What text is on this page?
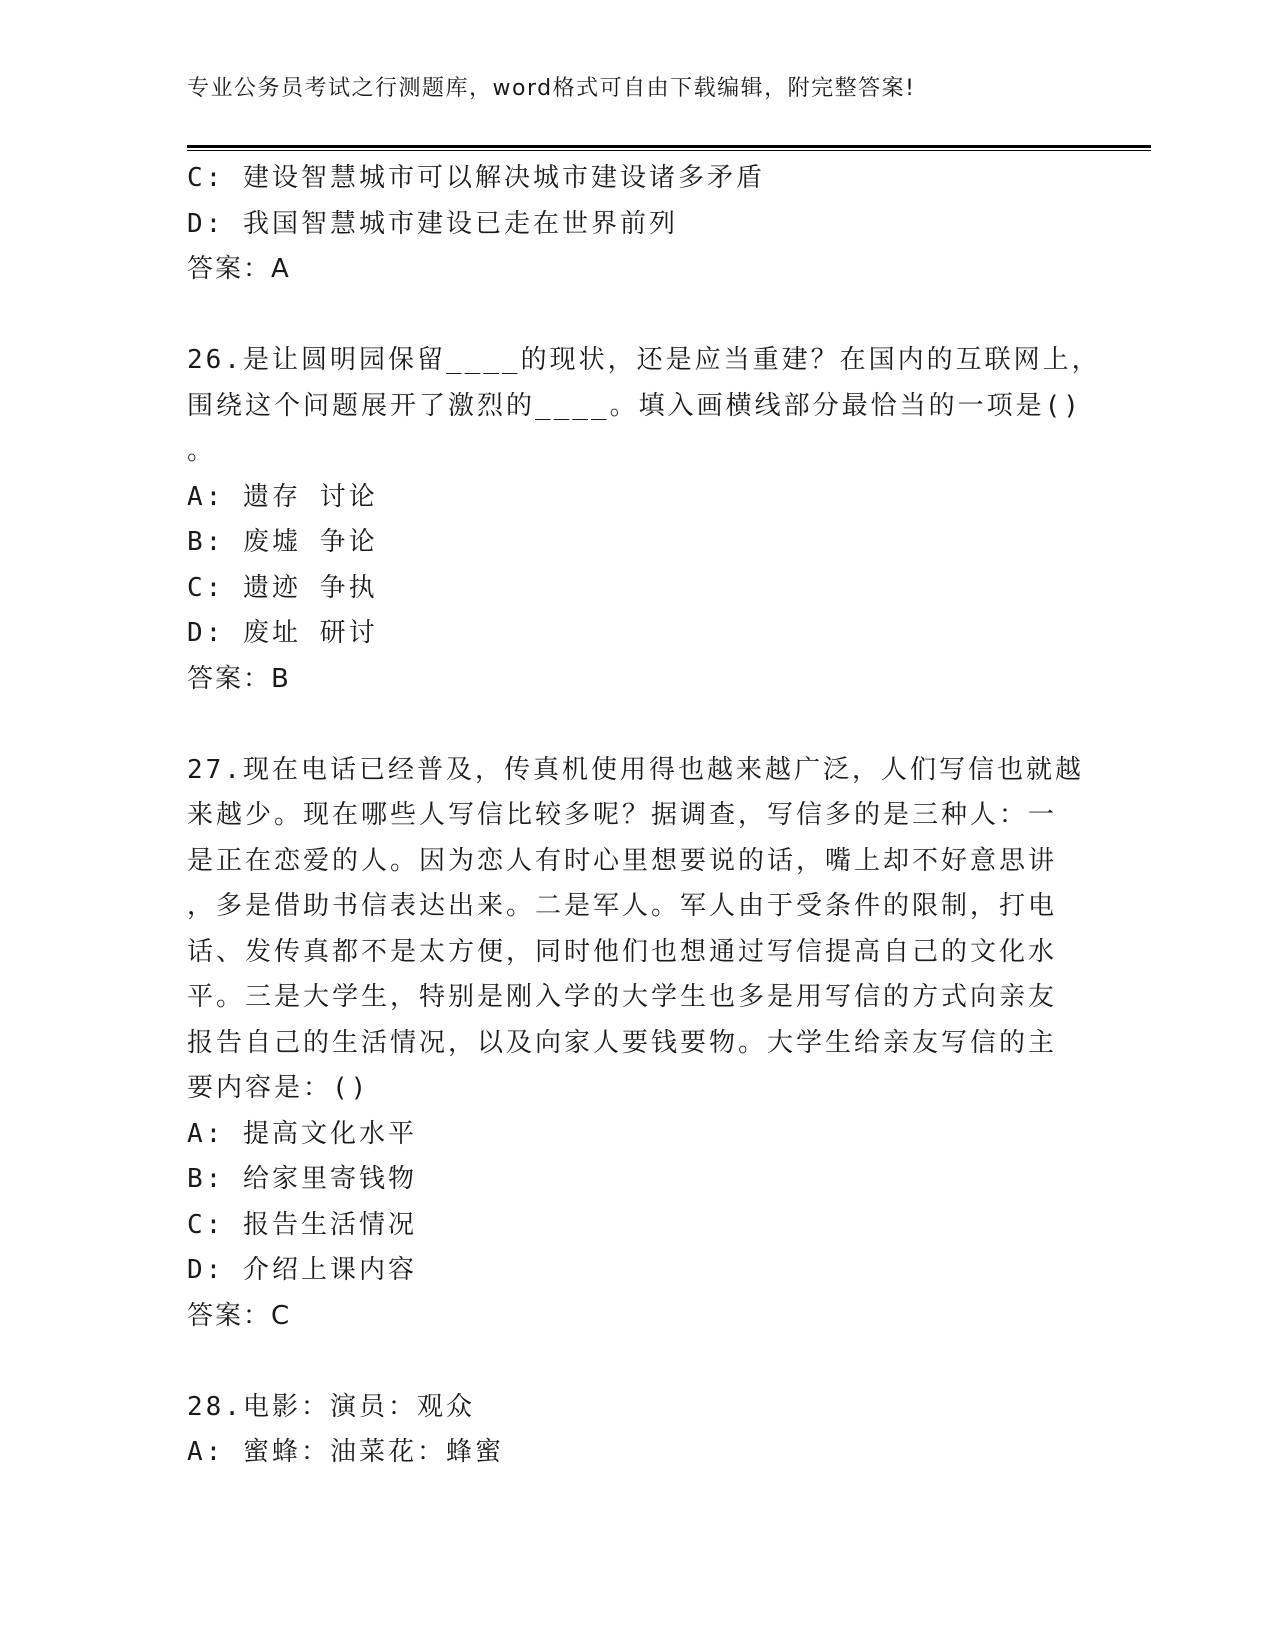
专业公务员考试之行测题库，word格式可自由下载编辑，附完整答案!
C: 建设智慧城市可以解决城市建设诸多矛盾
D: 我国智慧城市建设已走在世界前列
答案：A
26.是让圆明园保留____的现状，还是应当重建？在国内的互联网上，
围绕这个问题展开了激烈的____。填入画横线部分最恰当的一项是()
。
A: 遗存 讨论
B: 废墟 争论
C: 遗迹 争执
D: 废址 研讨
答案：B
27.现在电话已经普及，传真机使用得也越来越广泛，人们写信也就越
来越少。现在哪些人写信比较多呢？据调查，写信多的是三种人：一
是正在恋爱的人。因为恋人有时心里想要说的话，嘴上却不好意思讲
，多是借助书信表达出来。二是军人。军人由于受条件的限制，打电
话、发传真都不是太方便，同时他们也想通过写信提高自己的文化水
平。三是大学生，特别是刚入学的大学生也多是用写信的方式向亲友
报告自己的生活情况，以及向家人要钱要物。大学生给亲友写信的主
要内容是：()
A: 提高文化水平
B: 给家里寄钱物
C: 报告生活情况
D: 介绍上课内容
答案：C
28.电影：演员：观众
A: 蜜蜂：油菜花：蜂蜜
